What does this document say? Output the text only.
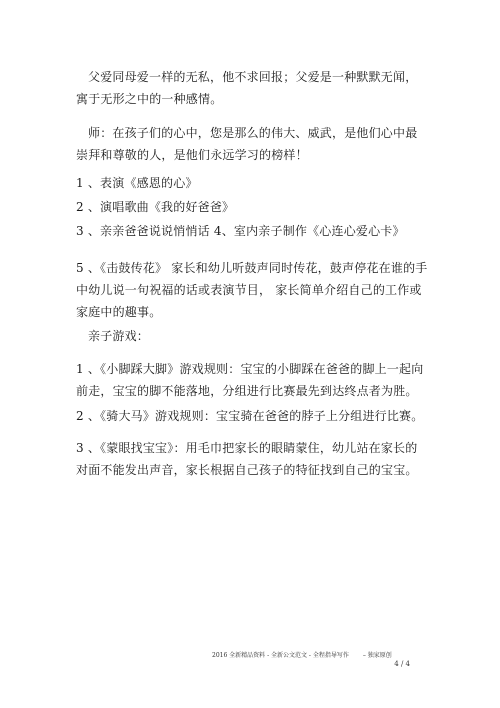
父爱同母爱一样的无私，他不求回报；父爱是一种默默无闻，寓于无形之中的一种感情。

师：在孩子们的心中，您是那么的伟大、威武，是他们心中最崇拜和尊敬的人，是他们永远学习的榜样！

1 、表演《感恩的心》

2 、演唱歌曲《我的好爸爸》

3 、亲亲爸爸说说悄悄话 4、室内亲子制作《心连心爱心卡》

5 、《击鼓传花》 家长和幼儿听鼓声同时传花，鼓声停花在谁的手中幼儿说一句祝福的话或表演节目， 家长简单介绍自己的工作或家庭中的趣事。

亲子游戏：

1 、《小脚踩大脚》游戏规则：宝宝的小脚踩在爸爸的脚上一起向前走，宝宝的脚不能落地，分组进行比赛最先到达终点者为胜。

2 、《骑大马》游戏规则：宝宝骑在爸爸的脖子上分组进行比赛。

3 、《蒙眼找宝宝》：用毛巾把家长的眼睛蒙住，幼儿站在家长的对面不能发出声音，家长根据自己孩子的特征找到自己的宝宝。

2016 全新精品资料 - 全新公文范文 - 全程指导写作 – 独家原创
4 / 4
